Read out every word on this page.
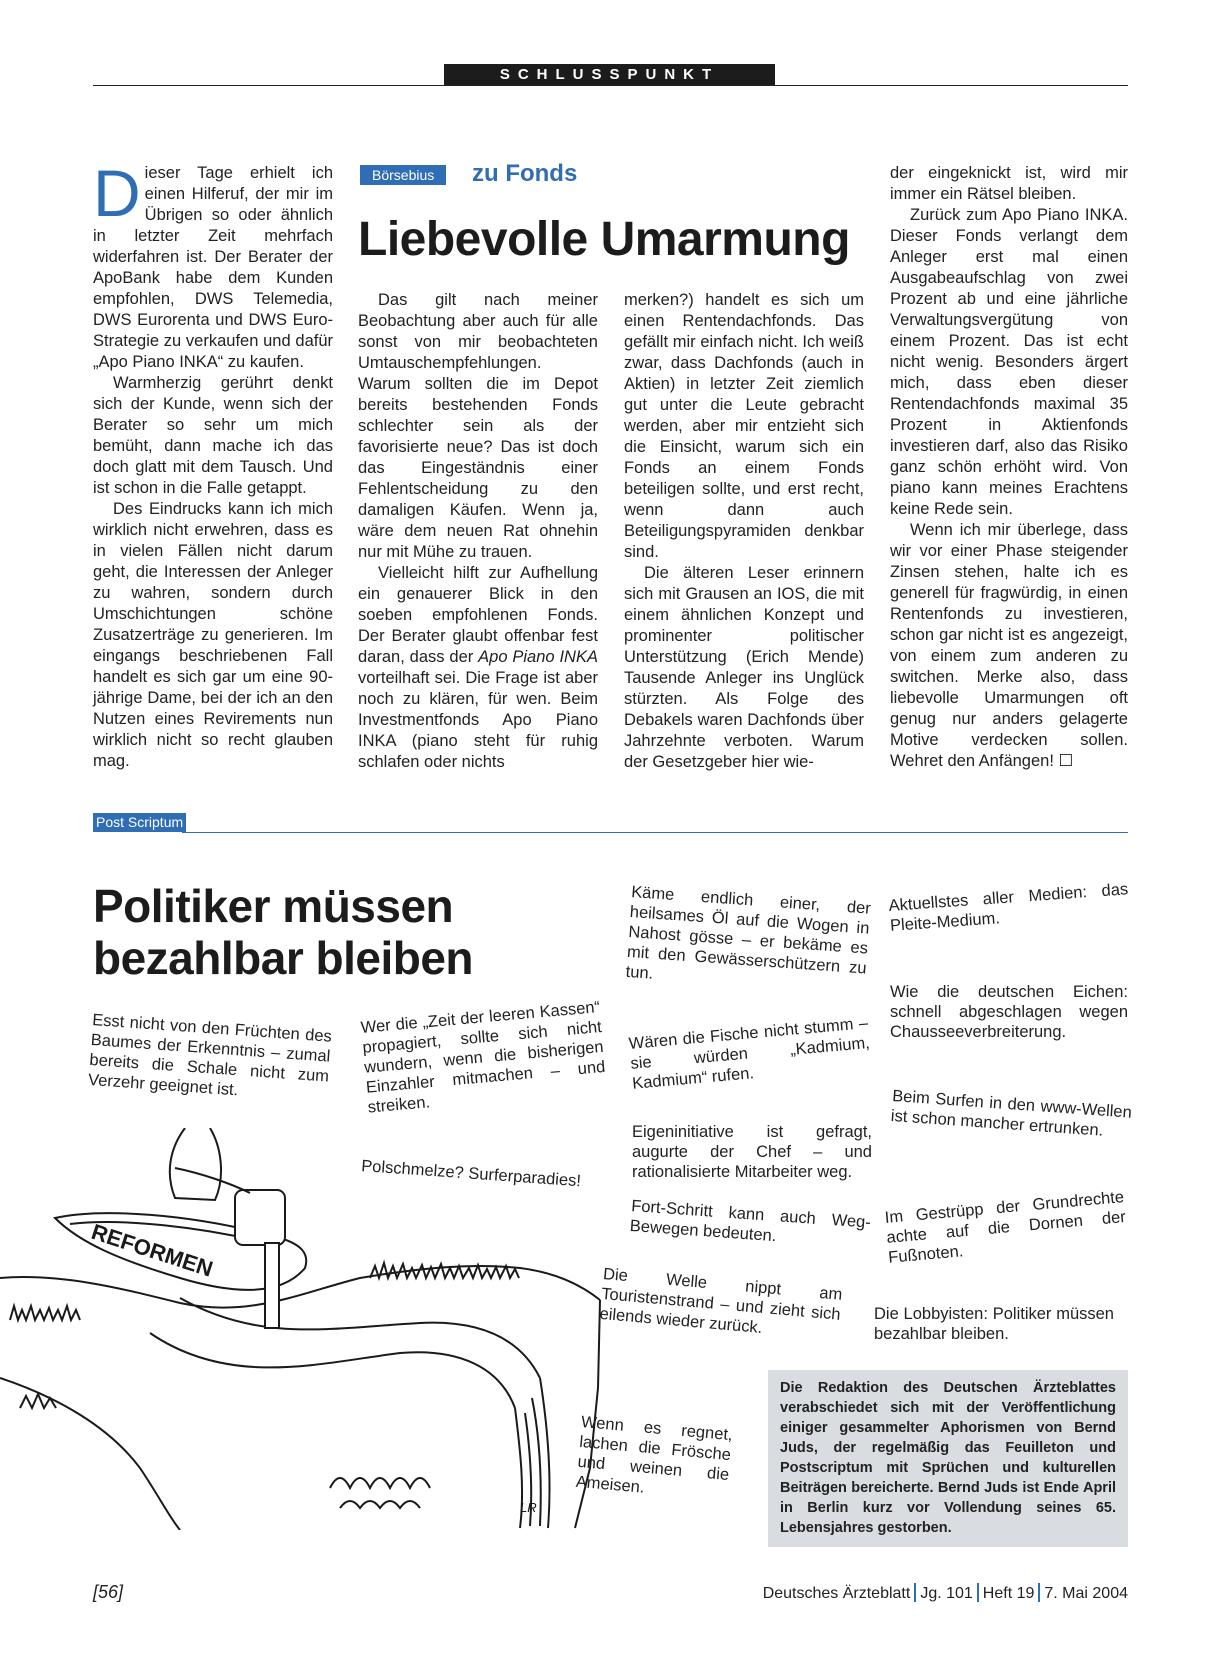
SCHLUSSPUNKT
D ieser Tage erhielt ich einen Hilferuf, der mir im Übrigen so oder ähnlich in letzter Zeit mehrfach widerfahren ist. Der Berater der ApoBank habe dem Kunden empfohlen, DWS Telemedia, DWS Eurorenta und DWS Euro-Strategie zu verkaufen und dafür „Apo Piano INKA“ zu kaufen.

Warmherzig gerührt denkt sich der Kunde, wenn sich der Berater so sehr um mich bemüht, dann mache ich das doch glatt mit dem Tausch. Und ist schon in die Falle getappt.

Des Eindrucks kann ich mich wirklich nicht erwehren, dass es in vielen Fällen nicht darum geht, die Interessen der Anleger zu wahren, sondern durch Umschichtungen schöne Zusatzerträge zu generieren. Im eingangs beschriebenen Fall handelt es sich gar um eine 90-jährige Dame, bei der ich an den Nutzen eines Revirements nun wirklich nicht so recht glauben mag.

Börsebius	zu Fonds
Liebevolle Umarmung

Das gilt nach meiner Beobachtung aber auch für alle sonst von mir beobachteten Umtauschempfehlungen. Warum sollten die im Depot bereits bestehenden Fonds schlechter sein als der favorisierte neue? Das ist doch das Eingeständnis einer Fehlentscheidung zu den damaligen Käufen. Wenn ja, wäre dem neuen Rat ohnehin nur mit Mühe zu trauen.

Vielleicht hilft zur Aufhellung ein genauerer Blick in den soeben empfohlenen Fonds. Der Berater glaubt offenbar fest daran, dass der Apo Piano INKA vorteilhaft sei. Die Frage ist aber noch zu klären, für wen. Beim Investmentfonds Apo Piano INKA (piano steht für ruhig schlafen oder nichts

merken?) handelt es sich um einen Rentendachfonds. Das gefällt mir einfach nicht. Ich weiß zwar, dass Dachfonds (auch in Aktien) in letzter Zeit ziemlich gut unter die Leute gebracht werden, aber mir entzieht sich die Einsicht, warum sich ein Fonds an einem Fonds beteiligen sollte, und erst recht, wenn dann auch Beteiligungspyramiden denkbar sind.

Die älteren Leser erinnern sich mit Grausen an IOS, die mit einem ähnlichen Konzept und prominenter politischer Unterstützung (Erich Mende) Tausende Anleger ins Unglück stürzten. Als Folge des Debakels waren Dachfonds über Jahrzehnte verboten. Warum der Gesetzgeber hier wie-

der eingeknickt ist, wird mir immer ein Rätsel bleiben.

Zurück zum Apo Piano INKA. Dieser Fonds verlangt dem Anleger erst mal einen Ausgabeaufschlag von zwei Prozent ab und eine jährliche Verwaltungsvergütung von einem Prozent. Das ist echt nicht wenig. Besonders ärgert mich, dass eben dieser Rentendachfonds maximal 35 Prozent in Aktienfonds investieren darf, also das Risiko ganz schön erhöht wird. Von piano kann meines Erachtens keine Rede sein.

Wenn ich mir überlege, dass wir vor einer Phase steigender Zinsen stehen, halte ich es generell für fragwürdig, in einen Rentenfonds zu investieren, schon gar nicht ist es angezeigt, von einem zum anderen zu switchen. Merke also, dass liebevolle Umarmungen oft genug nur anders gelagerte Motive verdecken sollen. Wehret den Anfängen! ☐

Post Scriptum
Politiker müssen
bezahlbar bleiben

Esst nicht von den Früchten des Baumes der Erkenntnis – zumal bereits die Schale nicht zum Verzehr geeignet ist.

Wer die „Zeit der leeren Kassen“ propagiert, sollte sich nicht wundern, wenn die bisherigen Einzahler mitmachen – und streiken.

Polschmelze? Surferparadies!

Käme endlich einer, der heilsames Öl auf die Wogen in Nahost gösse – er bekäme es mit den Gewässerschützern zu tun.

Wären die Fische nicht stumm – sie würden „Kadmium, Kadmium“ rufen.

Eigeninitiative ist gefragt, augurte der Chef – und rationalisierte Mitarbeiter weg.

Fort-Schritt kann auch Weg-Bewegen bedeuten.

Die Welle nippt am Touristenstrand – und zieht sich eilends wieder zurück.

Wenn es regnet, lachen die Frösche und weinen die Ameisen.

Aktuellstes aller Medien: das Pleite-Medium.

Wie die deutschen Eichen: schnell abgeschlagen wegen Chausseeverbreiterung.

Beim Surfen in den www-Wellen ist schon mancher ertrunken.

Im Gestrüpp der Grundrechte achte auf die Dornen der Fußnoten.

Die Lobbyisten: Politiker müssen bezahlbar bleiben.

REFORMEN
LR
Die Redaktion des Deutschen Ärzteblattes verabschiedet sich mit der Veröffentlichung einiger gesammelter Aphorismen von Bernd Juds, der regelmäßig das Feuilleton und Postscriptum mit Sprüchen und kulturellen Beiträgen bereicherte. Bernd Juds ist Ende April in Berlin kurz vor Vollendung seines 65. Lebensjahres gestorben.
[56]	Deutsches Ärzteblatt Jg. 101 Heft 19 7. Mai 2004
